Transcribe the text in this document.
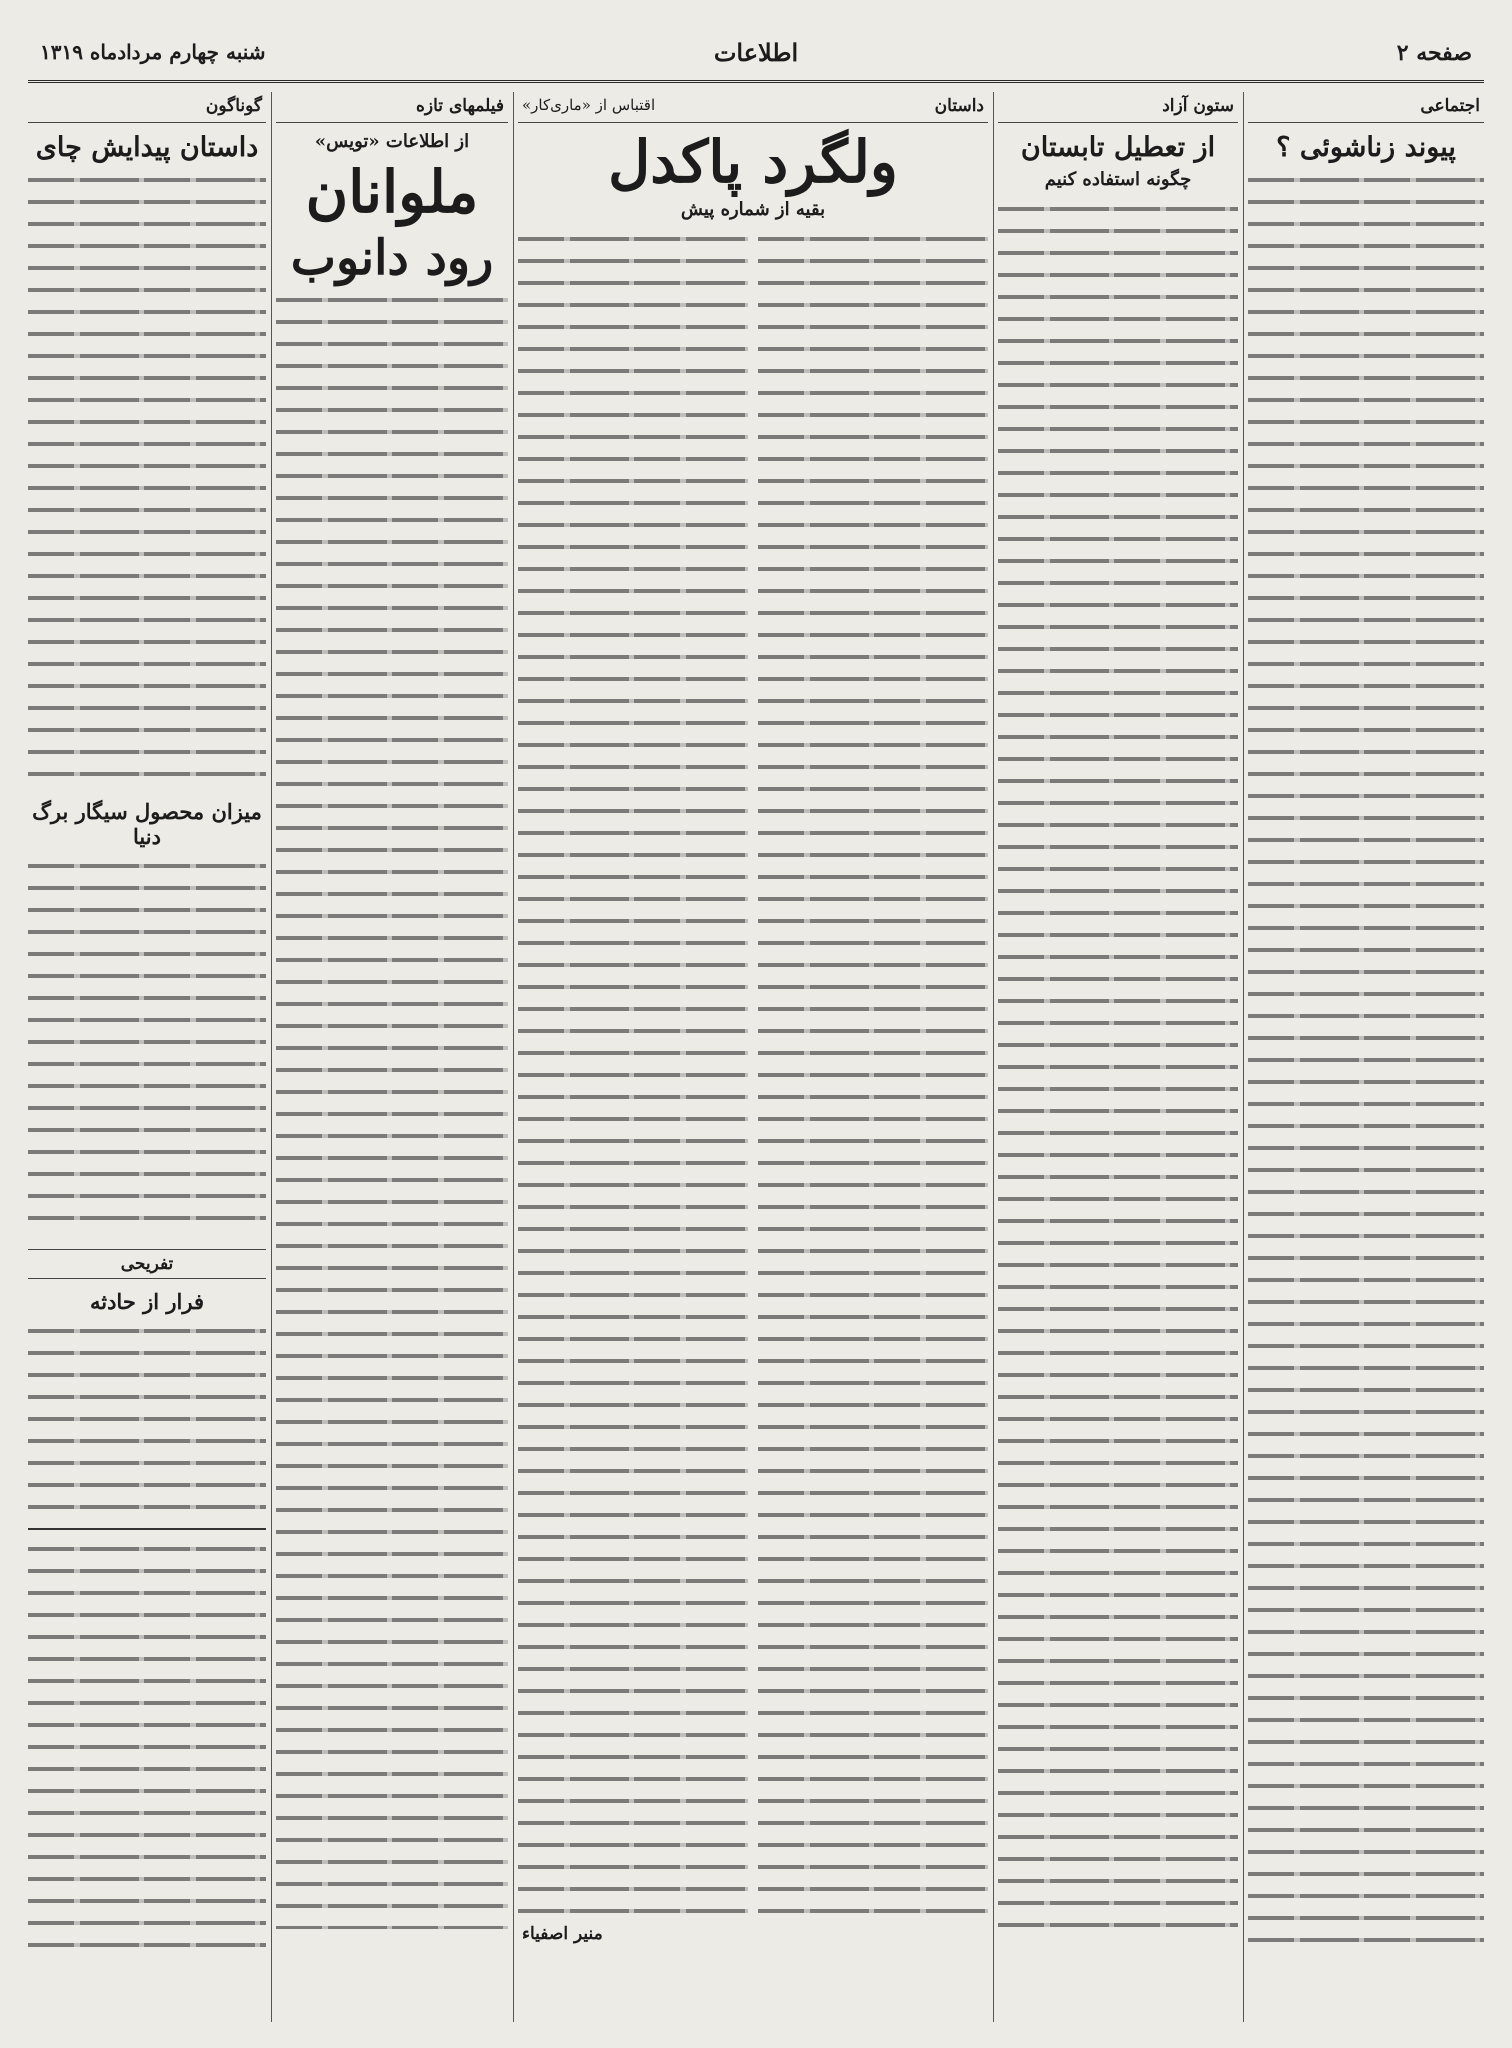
صفحه ۲
اطلاعات
شنبه چهارم مردادماه ۱۳۱۹
اجتماعی
پیوند زناشوئی ؟
ستون آزاد
از تعطیل تابستان
چگونه استفاده کنیم
داستان
اقتباس از «ماری‌کار»
ولگرد پاکدل
بقیه از شماره پیش
منیر اصفیاء
فیلمهای تازه
از اطلاعات «تویس»
ملوانان
رود دانوب
گوناگون
داستان پیدایش چای
میزان محصول سیگار برگ دنیا
تفریحی
فرار از حادثه
